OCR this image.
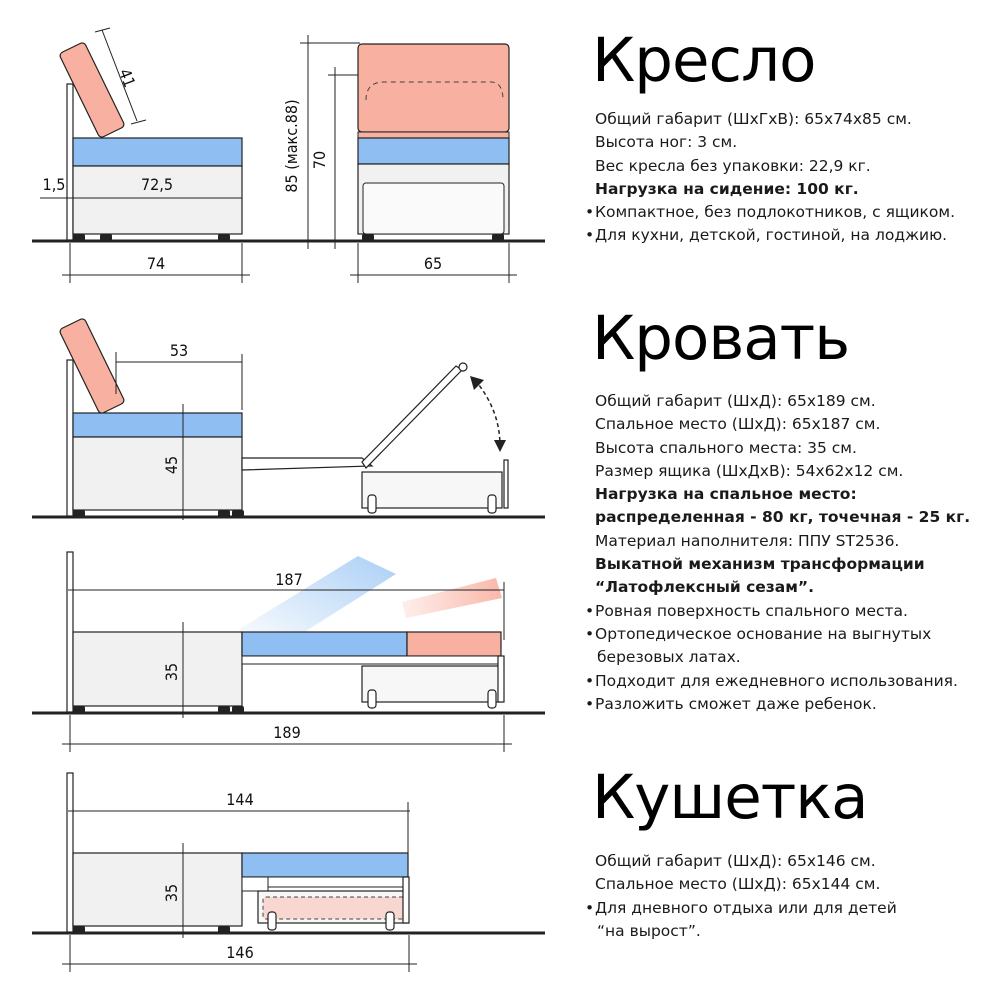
41
1,5	72,5
74
85 (макс.88) 70
65
53
45
187
35
189
144
35
146
Кресло
Общий габарит (ШхГхВ): 65х74х85 см.
Высота ног: 3 см.
Вес кресла без упаковки: 22,9 кг.
Нагрузка на сидение: 100 кг.
• Компактное, без подлокотников, с ящиком.
• Для кухни, детской, гостиной, на лоджию.
Кровать
Общий габарит (ШхД): 65х189 см.
Спальное место (ШхД): 65х187 см.
Высота спального места: 35 см.
Размер ящика (ШхДхВ): 54х62х12 см.
Нагрузка на спальное место:
распределенная - 80 кг, точечная - 25 кг.
Материал наполнителя: ППУ ST2536.
Выкатной механизм трансформации
“Латофлексный сезам”.
• Ровная поверхность спального места.
• Ортопедическое основание на выгнутых
березовых латах.
• Подходит для ежедневного использования.
• Разложить сможет даже ребенок.
Кушетка
Общий габарит (ШхД): 65х146 см.
Спальное место (ШхД): 65х144 см.
• Для дневного отдыха или для детей
“на вырост”.
